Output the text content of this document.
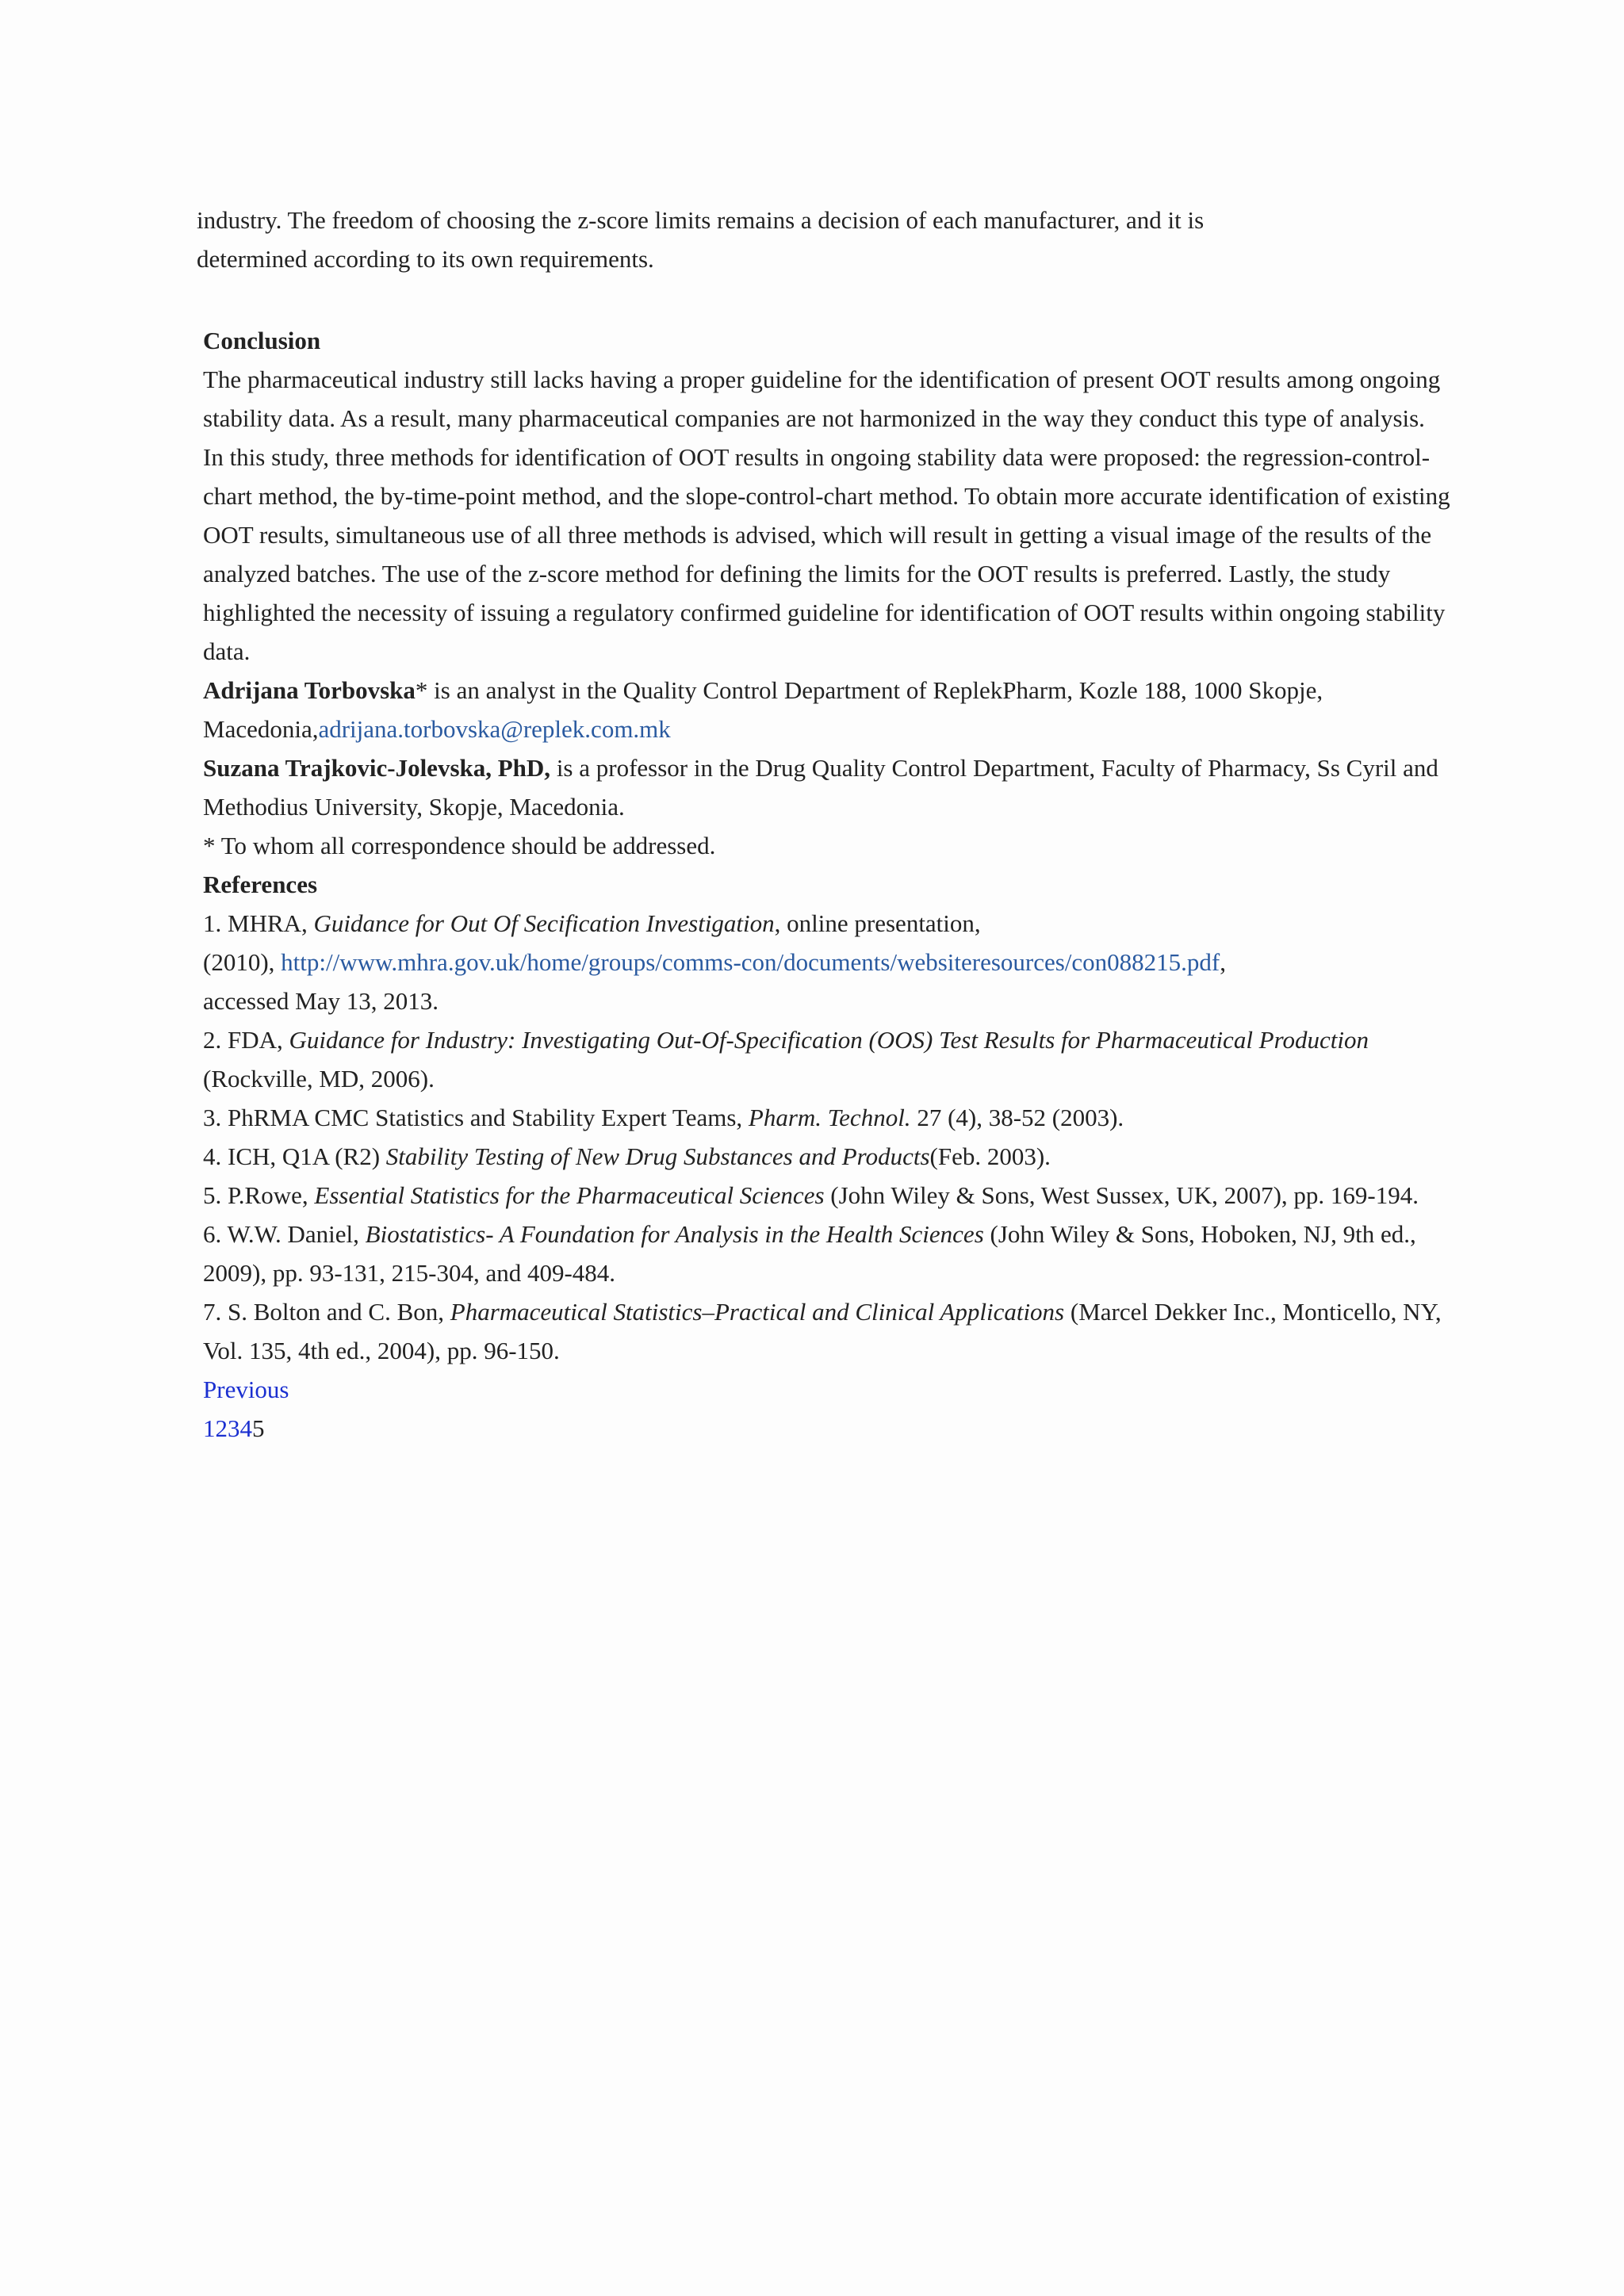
industry. The freedom of choosing the z-score limits remains a decision of each manufacturer, and it is

determined according to its own requirements.

Conclusion

The pharmaceutical industry still lacks having a proper guideline for the identification of present OOT results among ongoing stability data. As a result, many pharmaceutical companies are not harmonized in the way they conduct this type of analysis.

In this study, three methods for identification of OOT results in ongoing stability data were proposed: the regression-control-chart method, the by-time-point method, and the slope-control-chart method. To obtain more accurate identification of existing OOT results, simultaneous use of all three methods is advised, which will result in getting a visual image of the results of the analyzed batches. The use of the z-score method for defining the limits for the OOT results is preferred. Lastly, the study highlighted the necessity of issuing a regulatory confirmed guideline for identification of OOT results within ongoing stability data.

Adrijana Torbovska* is an analyst in the Quality Control Department of ReplekPharm, Kozle 188, 1000 Skopje, Macedonia,adrijana.torbovska@replek.com.mk

Suzana Trajkovic-Jolevska, PhD, is a professor in the Drug Quality Control Department, Faculty of Pharmacy, Ss Cyril and Methodius University, Skopje, Macedonia.

* To whom all correspondence should be addressed.

References

1. MHRA, Guidance for Out Of Secification Investigation, online presentation,

(2010), http://www.mhra.gov.uk/home/groups/comms-con/documents/websiteresources/con088215.pdf,

accessed May 13, 2013.

2. FDA, Guidance for Industry: Investigating Out-Of-Specification (OOS) Test Results for Pharmaceutical Production (Rockville, MD, 2006).

3. PhRMA CMC Statistics and Stability Expert Teams, Pharm. Technol. 27 (4), 38-52 (2003).

4. ICH, Q1A (R2) Stability Testing of New Drug Substances and Products(Feb. 2003).

5. P.Rowe, Essential Statistics for the Pharmaceutical Sciences (John Wiley & Sons, West Sussex, UK, 2007), pp. 169-194.

6. W.W. Daniel, Biostatistics- A Foundation for Analysis in the Health Sciences (John Wiley & Sons, Hoboken, NJ, 9th ed., 2009), pp. 93-131, 215-304, and 409-484.

7. S. Bolton and C. Bon, Pharmaceutical Statistics–Practical and Clinical Applications (Marcel Dekker Inc., Monticello, NY, Vol. 135, 4th ed., 2004), pp. 96-150.

Previous

12345
